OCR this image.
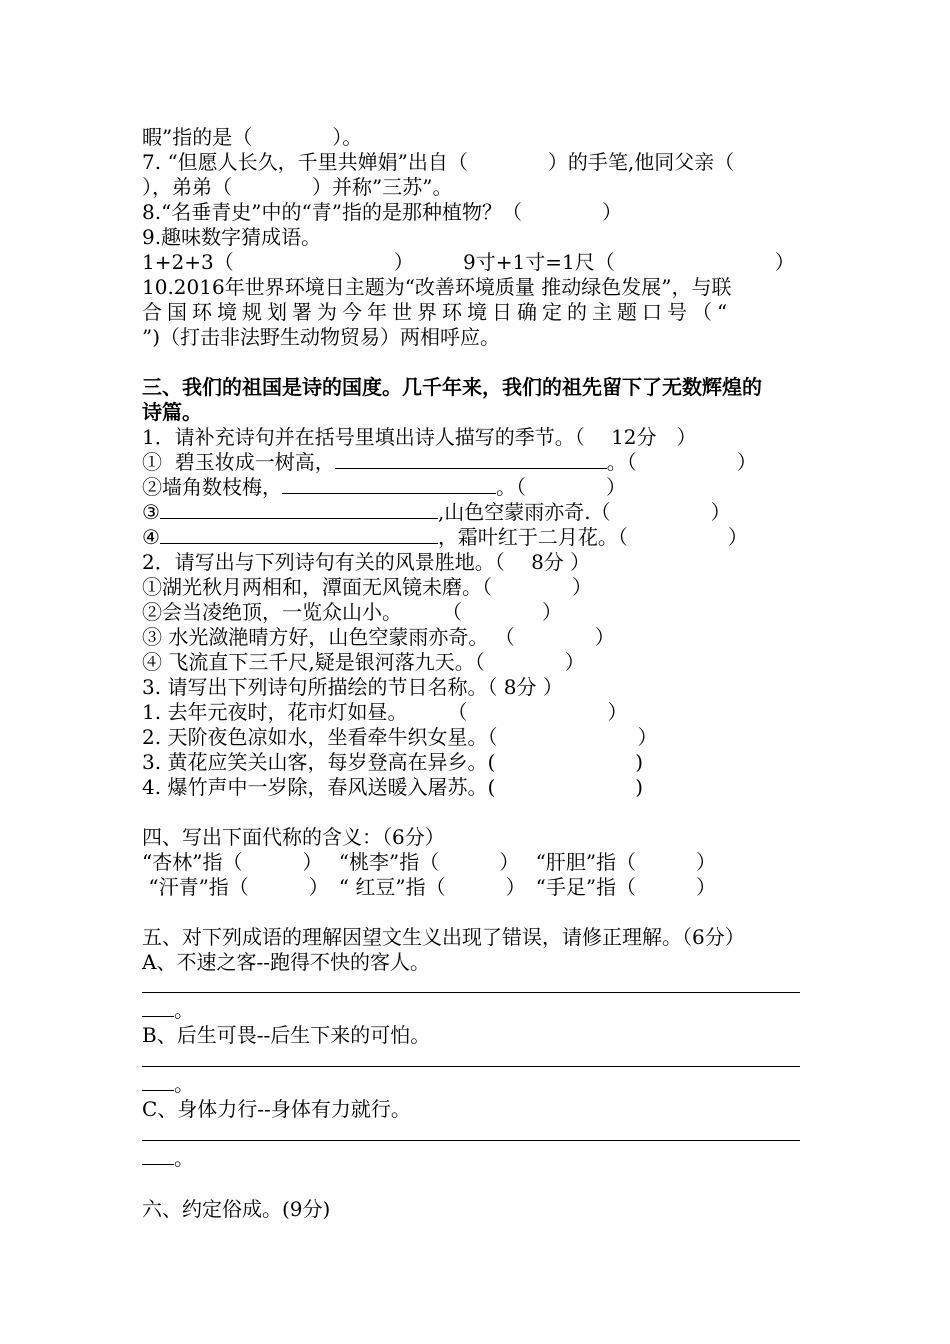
暇”指的是（　　　　）。
7. “但愿人长久，千里共婵娟”出自（　　　　）的手笔,他同父亲（
），弟弟（　　　　）并称”三苏”。
8.“名垂青史”中的“青”指的是那种植物？（　　　　）
9.趣味数字猜成语。
1+2+3（　　　　　　　　） 9寸+1寸=1尺（　　　　　　　　）
10.2016年世界环境日主题为“改善环境质量 推动绿色发展”，与联
合国环境规划署为今年世界环境日确定的主题口号（“
”)（打击非法野生动物贸易）两相呼应。
三、我们的祖国是诗的国度。几千年来，我们的祖先留下了无数辉煌的
诗篇。
1．请补充诗句并在括号里填出诗人描写的季节。（　 12分　）
①  碧玉妆成一树高，	。（　　　　　）
②墙角数枝梅，	。（　　　　）
③	,山色空蒙雨亦奇.（　　　　　）
④	，霜叶红于二月花。（　　　　　）
2．请写出与下列诗句有关的风景胜地。（　 8分 ）
①湖光秋月两相和，潭面无风镜未磨。（　　　　）
②会当凌绝顶，一览众山小。　　　（　　　　）
③ 水光潋滟晴方好，山色空蒙雨亦奇。 （　　　　）
④ 飞流直下三千尺,疑是银河落九天。（　　　　）
3. 请写出下列诗句所描绘的节日名称。（ 8分 ）
1. 去年元夜时，花市灯如昼。　　　（　　　　　　　）
2. 天阶夜色凉如水，坐看牵牛织女星。（　　　　　　　）
3. 黄花应笑关山客，每岁登高在异乡。(　　　　　　　)
4. 爆竹声中一岁除，春风送暖入屠苏。(　　　　　　　)
四、写出下面代称的含义：（6分）
“杏林”指（　　　）　 “桃李”指（　　　）　 “肝胆”指（　　　）
“汗青”指（　　　）　“ 红豆”指（　　　）　“手足”指（　　　）
五、对下列成语的理解因望文生义出现了错误，请修正理解。（6分）
A、不速之客--跑得不快的客人。
。
B、后生可畏--后生下来的可怕。
。
C、身体力行--身体有力就行。
。
六、约定俗成。(9分)
